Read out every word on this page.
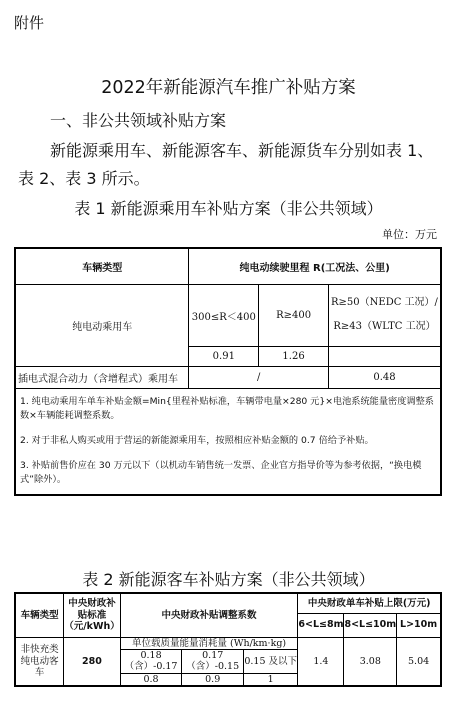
附件
2022年新能源汽车推广补贴方案
一、非公共领域补贴方案
新能源乘用车、新能源客车、新能源货车分别如表 1、
表 2、表 3 所示。
表 1 新能源乘用车补贴方案（非公共领域）
单位：万元
车辆类型	纯电动续驶里程 R(工况法、公里)		
纯电动乘用车	300≤R＜400	R≥400	R≥50（NEDC 工况）/
R≥43（WLTC 工况）

	0.91	1.26	
插电式混合动力（含增程式）乘用车	/		0.48

1. 纯电动乘用车单车补贴金额=Min{里程补贴标准，车辆带电量×280 元}×电池系统能量密度调整系数×车辆能耗调整系数。
2. 对于非私人购买或用于营运的新能源乘用车，按照相应补贴金额的 0.7 倍给予补贴。
3. 补贴前售价应在 30 万元以下（以机动车销售统一发票、企业官方指导价等为参考依据，“换电模式”除外）。			
表 2 新能源客车补贴方案（非公共领域）
车辆类型	中央财政补贴标准（元/kWh）	中央财政补贴调整系数			中央财政单车补贴上限(万元)		
					6<L≤8m	8<L≤10m	L>10m
非快充类纯电动客车	280	单位载质量能量消耗量 (Wh/km·kg)			1.4	3.08	5.04
		0.18（含）-0.17	0.17（含）-0.15	0.15 及以下			
		0.8	0.9	1			
